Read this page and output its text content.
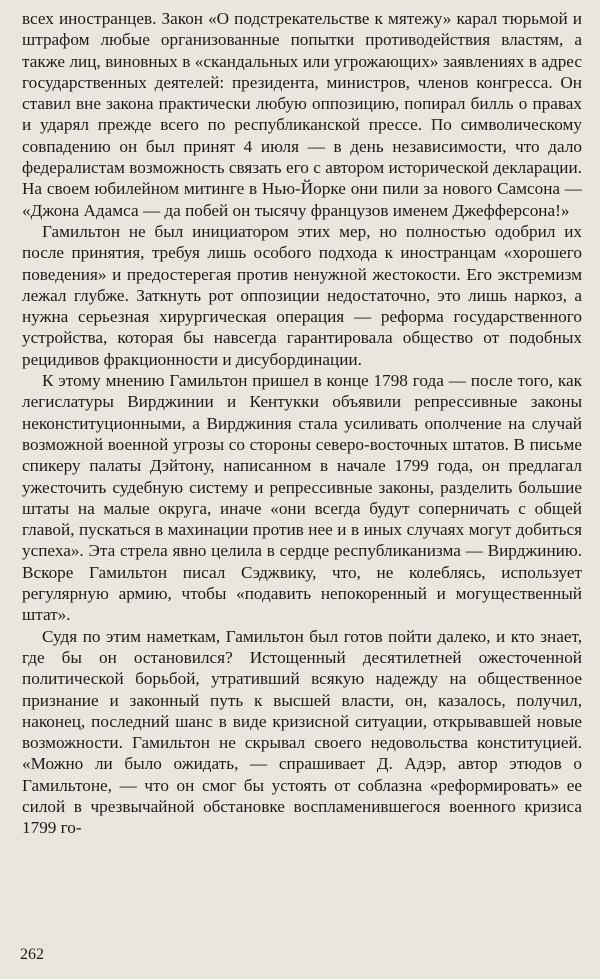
всех иностранцев. Закон «О подстрекательстве к мятежу» карал тюрьмой и штрафом любые организованные попытки противодействия властям, а также лиц, виновных в «скандальных или угрожающих» заявлениях в адрес государственных деятелей: президента, министров, членов конгресса. Он ставил вне закона практически любую оппозицию, попирал билль о правах и ударял прежде всего по республиканской прессе. По символическому совпадению он был принят 4 июля — в день независимости, что дало федералистам возможность связать его с автором исторической декларации. На своем юбилейном митинге в Нью-Йорке они пили за нового Самсона — «Джона Адамса — да побей он тысячу французов именем Джефферсона!»

Гамильтон не был инициатором этих мер, но полностью одобрил их после принятия, требуя лишь особого подхода к иностранцам «хорошего поведения» и предостерегая против ненужной жестокости. Его экстремизм лежал глубже. Заткнуть рот оппозиции недостаточно, это лишь наркоз, а нужна серьезная хирургическая операция — реформа государственного устройства, которая бы навсегда гарантировала общество от подобных рецидивов фракционности и дисубординации.

К этому мнению Гамильтон пришел в конце 1798 года — после того, как легислатуры Вирджинии и Кентукки объявили репрессивные законы неконституционными, а Вирджиния стала усиливать ополчение на случай возможной военной угрозы со стороны северо-восточных штатов. В письме спикеру палаты Дэйтону, написанном в начале 1799 года, он предлагал ужесточить судебную систему и репрессивные законы, разделить большие штаты на малые округа, иначе «они всегда будут соперничать с общей главой, пускаться в махинации против нее и в иных случаях могут добиться успеха». Эта стрела явно целила в сердце республиканизма — Вирджинию. Вскоре Гамильтон писал Сэджвику, что, не колеблясь, использует регулярную армию, чтобы «подавить непокоренный и могущественный штат».

Судя по этим наметкам, Гамильтон был готов пойти далеко, и кто знает, где бы он остановился? Истощенный десятилетней ожесточенной политической борьбой, утративший всякую надежду на общественное признание и законный путь к высшей власти, он, казалось, получил, наконец, последний шанс в виде кризисной ситуации, открывавшей новые возможности. Гамильтон не скрывал своего недовольства конституцией. «Можно ли было ожидать, — спрашивает Д. Адэр, автор этюдов о Гамильтоне, — что он смог бы устоять от соблазна «реформировать» ее силой в чрезвычайной обстановке воспламенившегося военного кризиса 1799 го-

262
